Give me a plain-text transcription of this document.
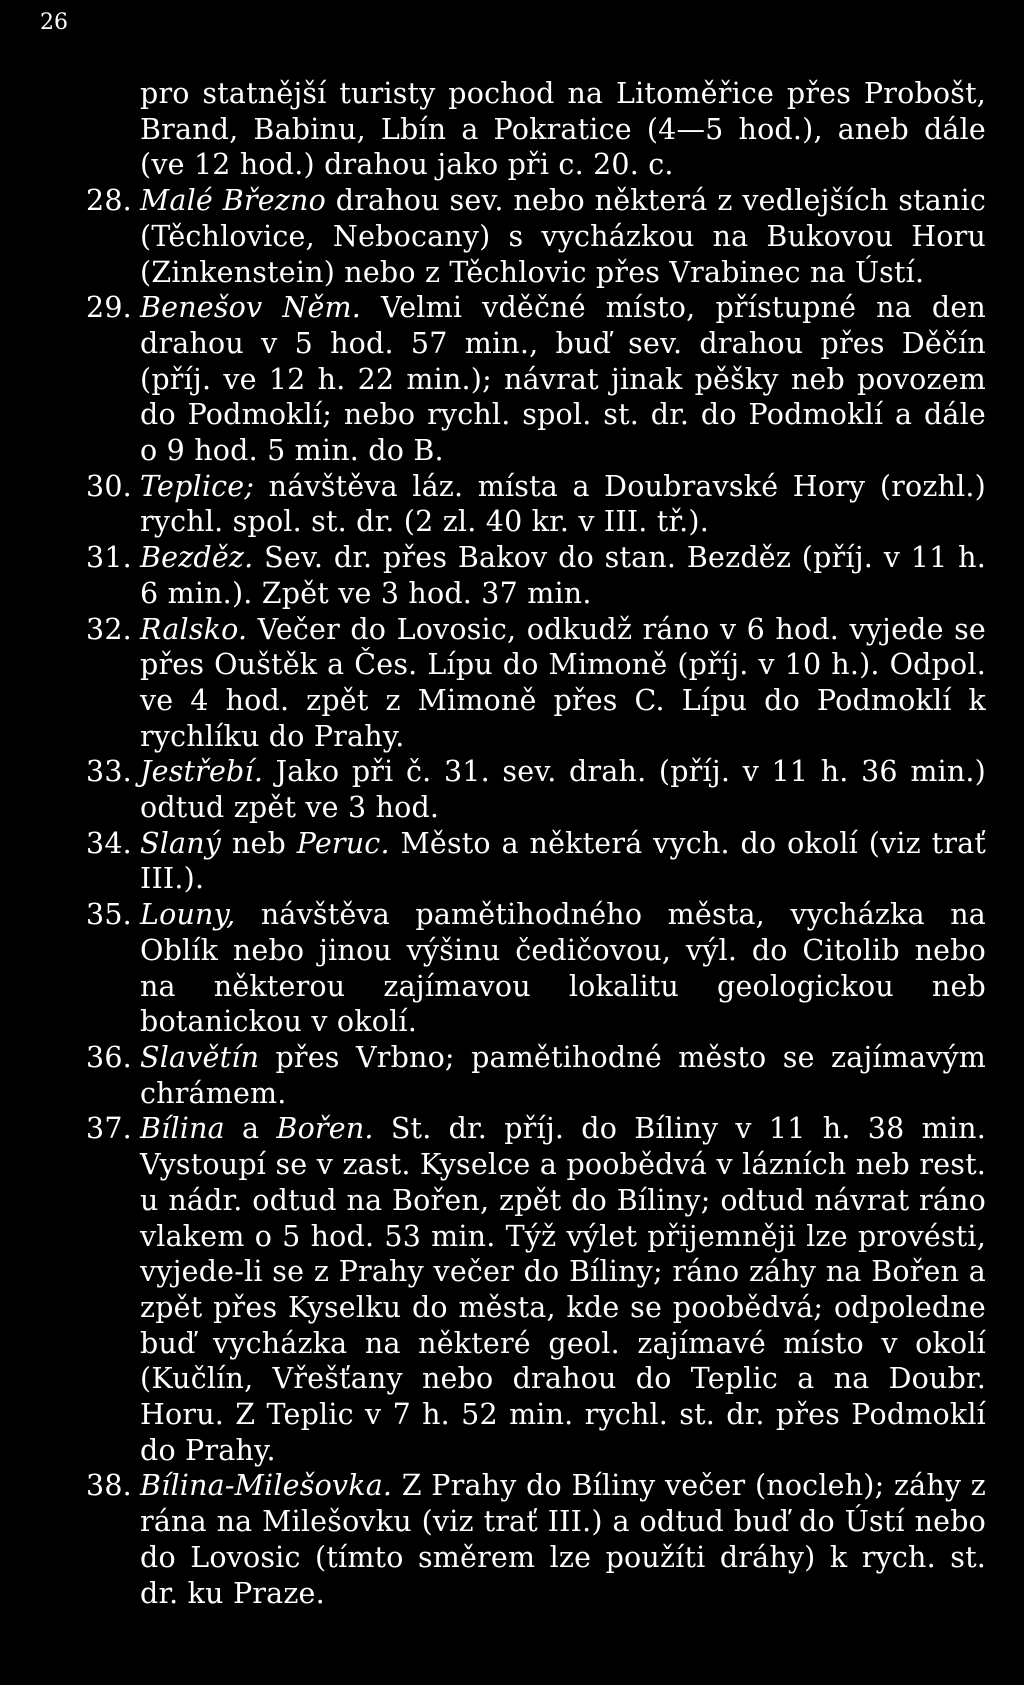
26
pro statnější turisty pochod na Litoměřice přes Probošt, Brand, Babinu, Lbín a Pokratice (4—5 hod.), aneb dále (ve 12 hod.) drahou jako při c. 20. c.
28. Malé Březno drahou sev. nebo některá z vedlejších stanic (Těchlovice, Nebocany) s vycházkou na Bukovou Horu (Zinkenstein) nebo z Těchlovic přes Vrabinec na Ústí.
29. Benešov Něm. Velmi vděčné místo, přístupné na den drahou v 5 hod. 57 min., buď sev. drahou přes Děčín (příj. ve 12 h. 22 min.); návrat jinak pěšky neb povozem do Podmoklí; nebo rychl. spol. st. dr. do Podmoklí a dále o 9 hod. 5 min. do B.
30. Teplice; návštěva láz. místa a Doubravské Hory (rozhl.) rychl. spol. st. dr. (2 zl. 40 kr. v III. tř.).
31. Bezděz. Sev. dr. přes Bakov do stan. Bezděz (příj. v 11 h. 6 min.). Zpět ve 3 hod. 37 min.
32. Ralsko. Večer do Lovosic, odkudž ráno v 6 hod. vyjede se přes Ouštěk a Čes. Lípu do Mimoně (příj. v 10 h.). Odpol. ve 4 hod. zpět z Mimoně přes C. Lípu do Podmoklí k rychlíku do Prahy.
33. Jestřebí. Jako při č. 31. sev. drah. (příj. v 11 h. 36 min.) odtud zpět ve 3 hod.
34. Slaný neb Peruc. Město a některá vych. do okolí (viz trať III.).
35. Louny, návštěva pamětihodného města, vycházka na Oblík nebo jinou výšinu čedičovou, výl. do Citolib nebo na některou zajímavou lokalitu geologickou neb botanickou v okolí.
36. Slavětín přes Vrbno; pamětihodné město se zajímavým chrámem.
37. Bílina a Bořen. St. dr. příj. do Bíliny v 11 h. 38 min. Vystoupí se v zast. Kyselce a poobědvá v lázních neb rest. u nádr. odtud na Bořen, zpět do Bíliny; odtud návrat ráno vlakem o 5 hod. 53 min. Týž výlet přijemněji lze provésti, vyjede-li se z Prahy večer do Bíliny; ráno záhy na Bořen a zpět přes Kyselku do města, kde se poobědvá; odpoledne buď vycházka na některé geol. zajímavé místo v okolí (Kučlín, Vřešťany nebo drahou do Teplic a na Doubr. Horu. Z Teplic v 7 h. 52 min. rychl. st. dr. přes Podmoklí do Prahy.
38. Bílina-Milešovka. Z Prahy do Bíliny večer (nocleh); záhy z rána na Milešovku (viz trať III.) a odtud buď do Ústí nebo do Lovosic (tímto směrem lze použíti dráhy) k rych. st. dr. ku Praze.
